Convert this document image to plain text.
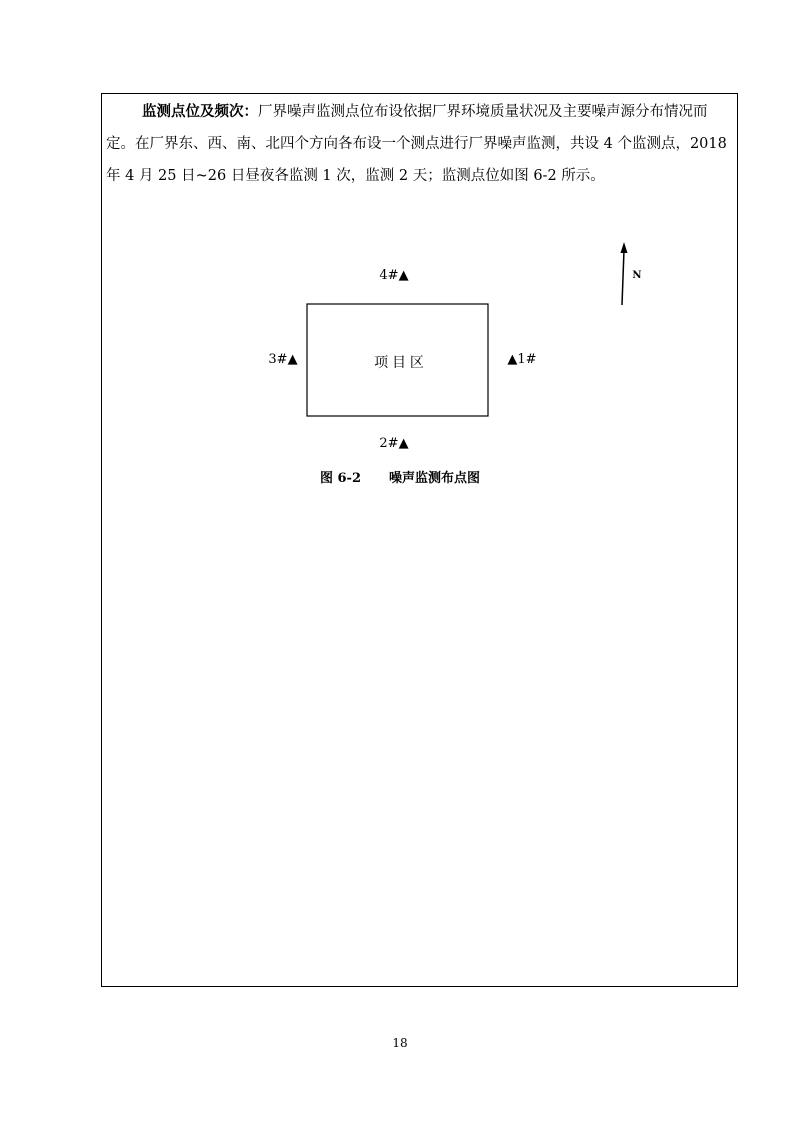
监测点位及频次：厂界噪声监测点位布设依据厂界环境质量状况及主要噪声源分布情况而定。在厂界东、西、南、北四个方向各布设一个测点进行厂界噪声监测，共设 4 个监测点，2018 年 4 月 25 日~26 日昼夜各监测 1 次，监测 2 天；监测点位如图 6-2 所示。

项 目 区
4#▲
2#▲
3#▲	▲1#
N
图 6-2 噪声监测布点图
18
